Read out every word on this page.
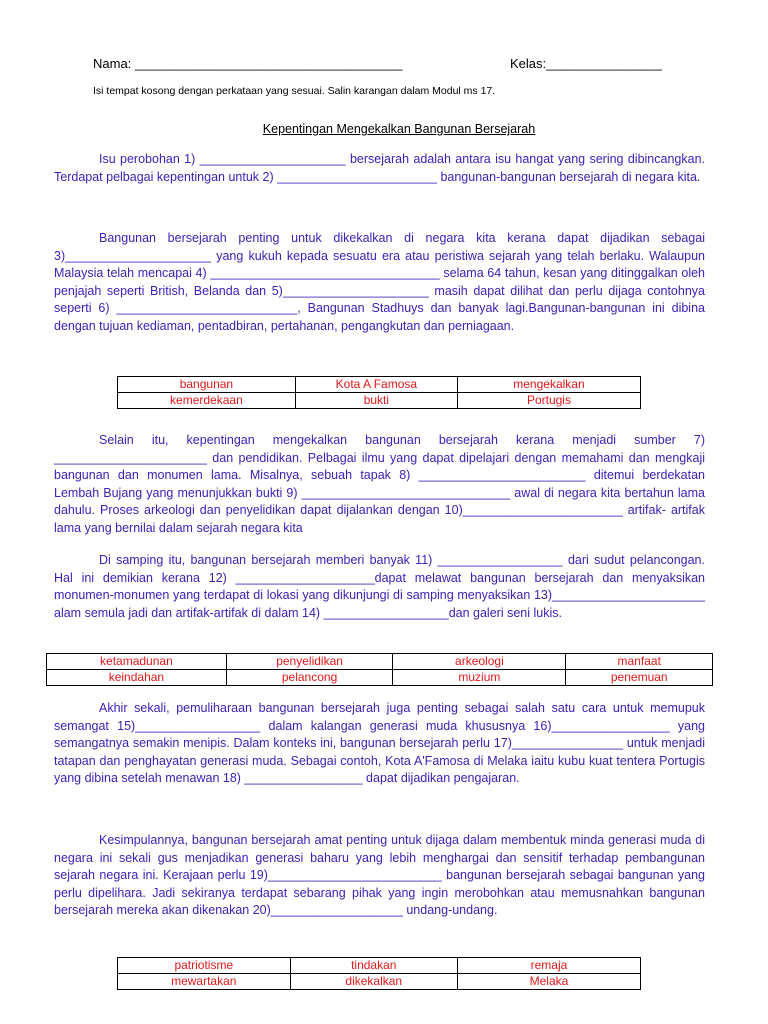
Nama: _____________________________________	Kelas:________________
Isi tempat kosong dengan perkataan yang sesuai. Salin karangan dalam Modul ms 17.
Kepentingan Mengekalkan Bangunan Bersejarah

Isu perobohan 1) _____________________ bersejarah adalah antara isu hangat yang sering dibincangkan. Terdapat pelbagai kepentingan untuk 2) _______________________ bangunan-bangunan bersejarah di negara kita.

Bangunan bersejarah penting untuk dikekalkan di negara kita kerana dapat dijadikan sebagai 3)_____________________ yang kukuh kepada sesuatu era atau peristiwa sejarah yang telah berlaku. Walaupun Malaysia telah mencapai 4) _________________________________ selama 64 tahun, kesan yang ditinggalkan oleh penjajah seperti British, Belanda dan 5)_____________________ masih dapat dilihat dan perlu dijaga contohnya seperti 6) __________________________, Bangunan Stadhuys dan banyak lagi.Bangunan-bangunan ini dibina dengan tujuan kediaman, pentadbiran, pertahanan, pengangkutan dan perniagaan.

bangunan	Kota A Famosa	mengekalkan
kemerdekaan	bukti	Portugis

Selain itu, kepentingan mengekalkan bangunan bersejarah kerana menjadi sumber 7) ______________________ dan pendidikan. Pelbagai ilmu yang dapat dipelajari dengan memahami dan mengkaji bangunan dan monumen lama. Misalnya, sebuah tapak 8) ________________________ ditemui berdekatan Lembah Bujang yang menunjukkan bukti 9) ______________________________ awal di negara kita bertahun lama dahulu. Proses arkeologi dan penyelidikan dapat dijalankan dengan 10)_______________________ artifak- artifak lama yang bernilai dalam sejarah negara kita

Di samping itu, bangunan bersejarah memberi banyak 11) __________________ dari sudut pelancongan. Hal ini demikian kerana 12) ____________________dapat melawat bangunan bersejarah dan menyaksikan monumen-monumen yang terdapat di lokasi yang dikunjungi di samping menyaksikan 13)______________________ alam semula jadi dan artifak-artifak di dalam 14) __________________dan galeri seni lukis.

ketamadunan	penyelidikan	arkeologi	manfaat
keindahan	pelancong	muzium	penemuan

Akhir sekali, pemuliharaan bangunan bersejarah juga penting sebagai salah satu cara untuk memupuk semangat 15)__________________ dalam kalangan generasi muda khususnya 16)_________________ yang semangatnya semakin menipis. Dalam konteks ini, bangunan bersejarah perlu 17)________________ untuk menjadi tatapan dan penghayatan generasi muda. Sebagai contoh, Kota A'Famosa di Melaka iaitu kubu kuat tentera Portugis yang dibina setelah menawan 18) _________________ dapat dijadikan pengajaran.

Kesimpulannya, bangunan bersejarah amat penting untuk dijaga dalam membentuk minda generasi muda di negara ini sekali gus menjadikan generasi baharu yang lebih menghargai dan sensitif terhadap pembangunan sejarah negara ini. Kerajaan perlu 19)_________________________ bangunan bersejarah sebagai bangunan yang perlu dipelihara. Jadi sekiranya terdapat sebarang pihak yang ingin merobohkan atau memusnahkan bangunan bersejarah mereka akan dikenakan 20)___________________ undang-undang.

patriotisme	tindakan	remaja
mewartakan	dikekalkan	Melaka
